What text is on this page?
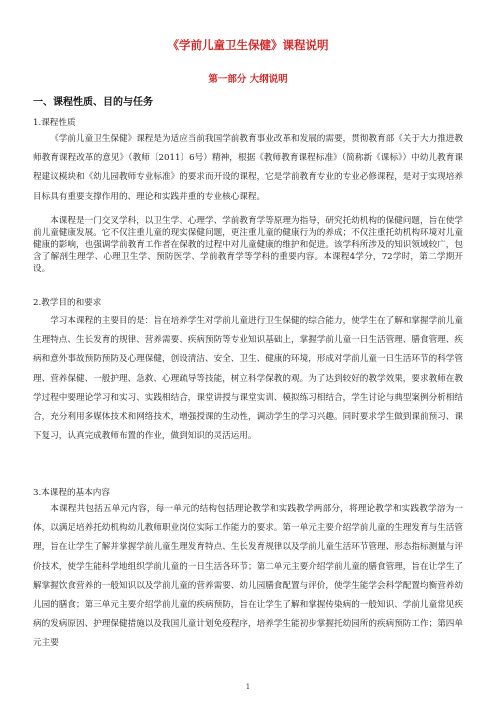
《学前儿童卫生保健》课程说明
第一部分 大纲说明
一、课程性质、目的与任务
1.课程性质
《学前儿童卫生保健》课程是为适应当前我国学前教育事业改革和发展的需要，贯彻教育部《关于大力推进教师教育课程改革的意见》（教师〔2011〕6号）精神，根据《教师教育课程标准》（简称新《课标》）中幼儿教育课程建议模块和《幼儿园教师专业标准》的要求而开设的课程，它是学前教育专业的专业必修课程，是对于实现培养目标具有重要支撑作用的、理论和实践并重的专业核心课程。
本课程是一门交叉学科，以卫生学、心理学、学前教育学等原理为指导，研究托幼机构的保健问题，旨在使学前儿童健康发展。它不仅注重儿童的现实保健问题，更注重儿童的健康行为的养成；不仅注重托幼机构环境对儿童健康的影响，也强调学前教育工作者在保教的过程中对儿童健康的维护和促进。该学科所涉及的知识领域较广，包含了解剖生理学、心理卫生学、预防医学、学前教育学等学科的重要内容。本课程4学分，72学时，第二学期开设。
2.教学目的和要求
学习本课程的主要目的是：旨在培养学生对学前儿童进行卫生保健的综合能力，使学生在了解和掌握学前儿童生理特点、生长发育的规律、营养需要、疾病预防等专业知识基础上，掌握学前儿童一日生活管理、膳食管理、疾病和意外事故预防预防及心理保健，创设清洁、安全、卫生、健康的环境，形成对学前儿童一日生活环节的科学管理、营养保健、一般护理、急救、心理疏导等技能，树立科学保教的观。为了达到较好的教学效果，要求教师在教学过程中要理论学习和实习、实践相结合，课堂讲授与课堂实训、模拟练习相结合，学生讨论与典型案例分析相结合，充分利用多媒体技术和网络技术，增强授课的生动性，调动学生的学习兴趣。同时要求学生做到课前预习、课下复习，认真完成教师布置的作业，做到知识的灵活运用。
3.本课程的基本内容
本课程共包括五单元内容，每一单元的结构包括理论教学和实践教学两部分，将理论教学和实践教学溶为一体，以满足培养托幼机构幼儿教师职业岗位实际工作能力的要求。第一单元主要介绍学前儿童的生理发育与生活管理，旨在让学生了解并掌握学前儿童生理发育特点、生长发育规律以及学前儿童生活环节管理、形态指标测量与评价技术，使学生能科学地组织学前儿童的一日生活各环节；第二单元主要介绍学前儿童的膳食管理，旨在让学生了解掌握饮食营养的一般知识以及学前儿童的营养需要、幼儿园膳食配置与评价，使学生能学会科学配置均衡营养幼儿园的膳食；第三单元主要介绍学前儿童的疾病预防，旨在让学生了解和掌握传染病的一般知识、学前儿童常见疾病的发病原因、护理保健措施以及我国儿童计划免疫程序，培养学生能初步掌握托幼园所的疾病预防工作；第四单元主要
1
